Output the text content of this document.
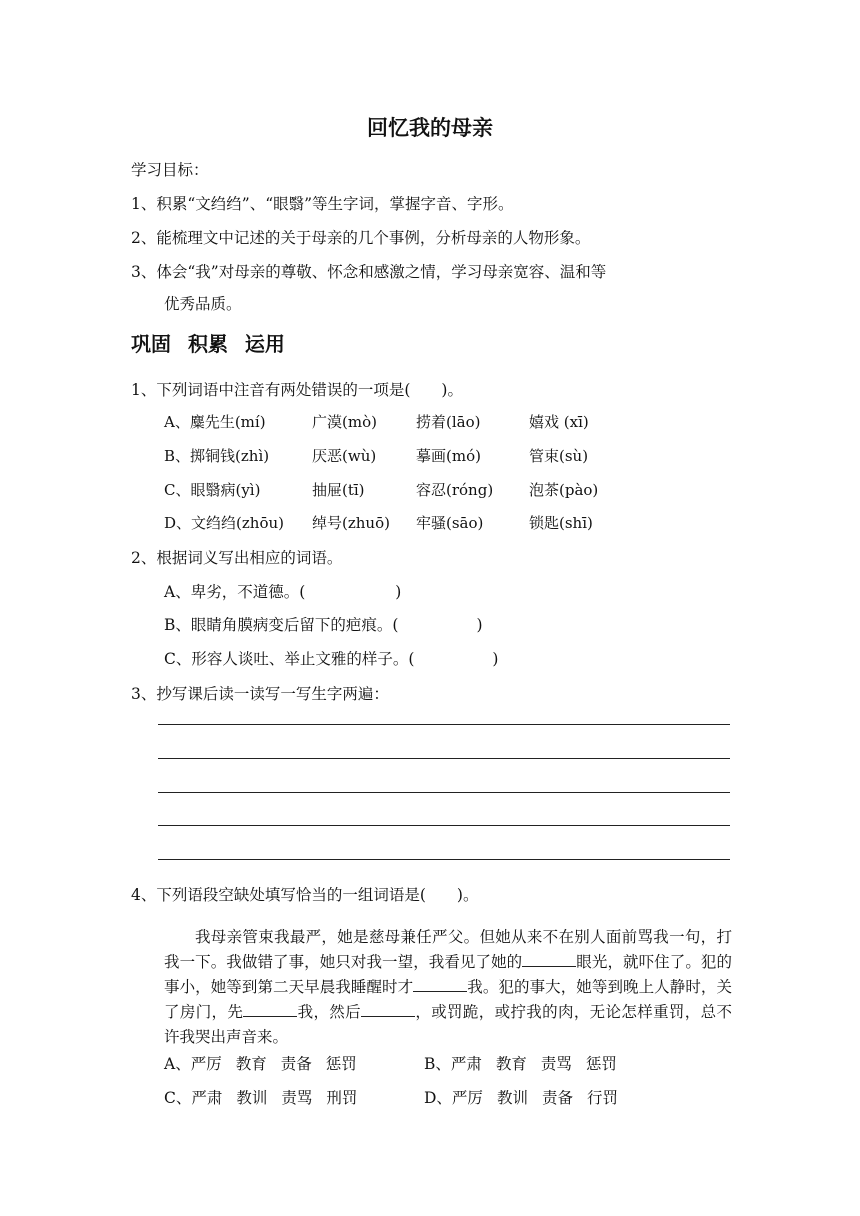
回忆我的母亲
学习目标：
1、积累“文绉绉”、“眼翳”等生字词，掌握字音、字形。
2、能梳理文中记述的关于母亲的几个事例，分析母亲的人物形象。
3、体会“我”对母亲的尊敬、怀念和感激之情，学习母亲宽容、温和等
优秀品质。
巩固 积累 运用
1、下列词语中注音有两处错误的一项是(　　)。
A、麋先生(mí)	广漠(mò)	捞着(lāo)	嬉戏 (xī)
B、掷铜钱(zhì)	厌恶(wù)	摹画(mó)	管束(sù)
C、眼翳病(yì)	抽屉(tī)	容忍(róng) 泡茶(pào)
D、文绉绉(zhōu) 绰号(zhuō) 牢骚(sāo)	锁匙(shī)
2、根据词义写出相应的词语。
A、卑劣，不道德。(	)
B、眼睛角膜病变后留下的疤痕。(	)
C、形容人谈吐、举止文雅的样子。(	)
3、抄写课后读一读写一写生字两遍：
4、下列语段空缺处填写恰当的一组词语是(　　)。

我母亲管束我最严，她是慈母兼任严父。但她从来不在别人面前骂我一句，打我一下。我做错了事，她只对我一望，我看见了她的	眼光，就吓住了。犯的事小，她等到第二天早晨我睡醒时才	我。犯的事大，她等到晚上人静时，关了房门，先	我，然后	，或罚跪，或拧我的肉，无论怎样重罚，总不许我哭出声音来。

A、严厉 教育 责备 惩罚	B、严肃 教育 责骂 惩罚
C、严肃 教训 责骂 刑罚	D、严厉 教训 责备 行罚
